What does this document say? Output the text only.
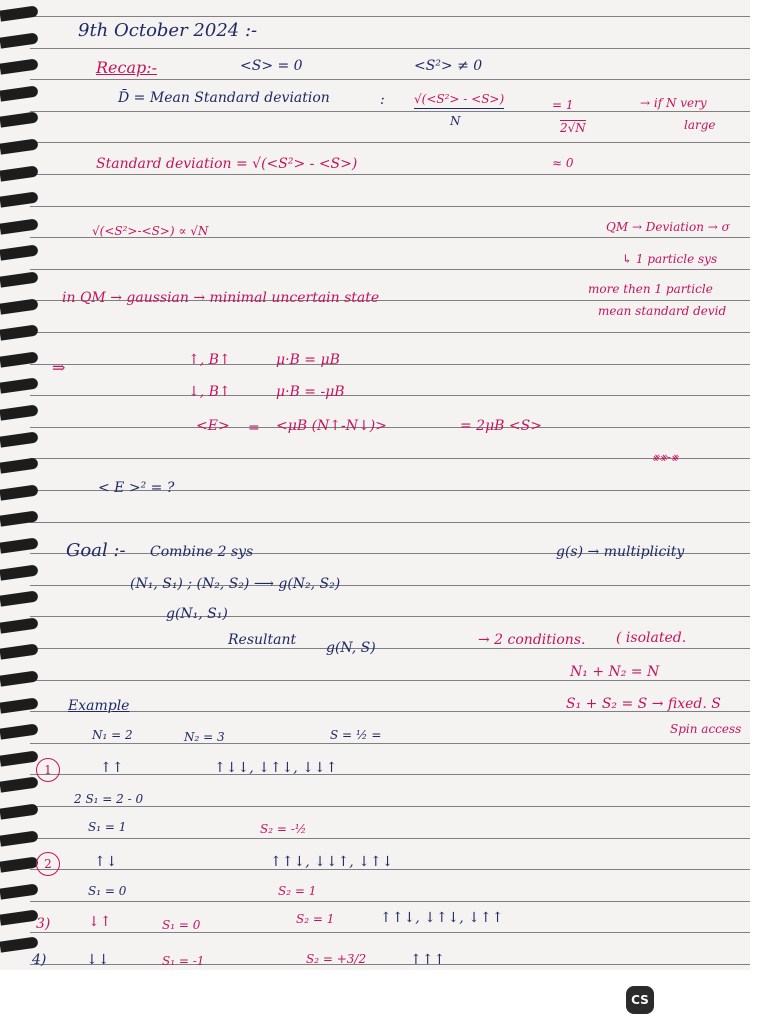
9th October 2024 :-
Recap:-	<S> = 0	<S²> ≠ 0
D̄ = Mean Standard deviation	: √(<S²> - <S>)
N
= 1
2√N
→ if N very
large
Standard deviation = √(<S²> - <S>)	≈ 0
√(<S²>-<S>) ∝ √N	QM → Deviation → σ
↳ 1 particle sys
more then 1 particle
mean standard devid
in QM → gaussian → minimal uncertain state
⇒	↑, B↑	μ·B = μB
↓, B↑	μ·B = -μB
<E> = <μB (N↑-N↓)>	= 2μB <S>
⨳⨳-⨳
< E >² = ?
Goal :- Combine 2 sys	g(s) → multiplicity
(N₁, S₁) ; (N₂, S₂) ⟶ g(N₂, S₂)
g(N₁, S₁)
Resultant g(N, S)	→ 2 conditions. ( isolated.
N₁ + N₂ = N
S₁ + S₂ = S → fixed. S
Spin access
Example
N₁ = 2	N₂ = 3	S = ½ =
1	↑↑	↑↓↓, ↓↑↓, ↓↓↑
2 S₁ = 2 - 0
S₁ = 1	S₂ = -½
2	↑↓	↑↑↓, ↓↓↑, ↓↑↓
S₁ = 0	S₂ = 1
3)	↓↑	S₁ = 0	S₂ = 1	↑↑↓, ↓↑↓, ↓↑↑
4)	↓↓	S₁ = -1	S₂ = +3/2	↑↑↑
CS
